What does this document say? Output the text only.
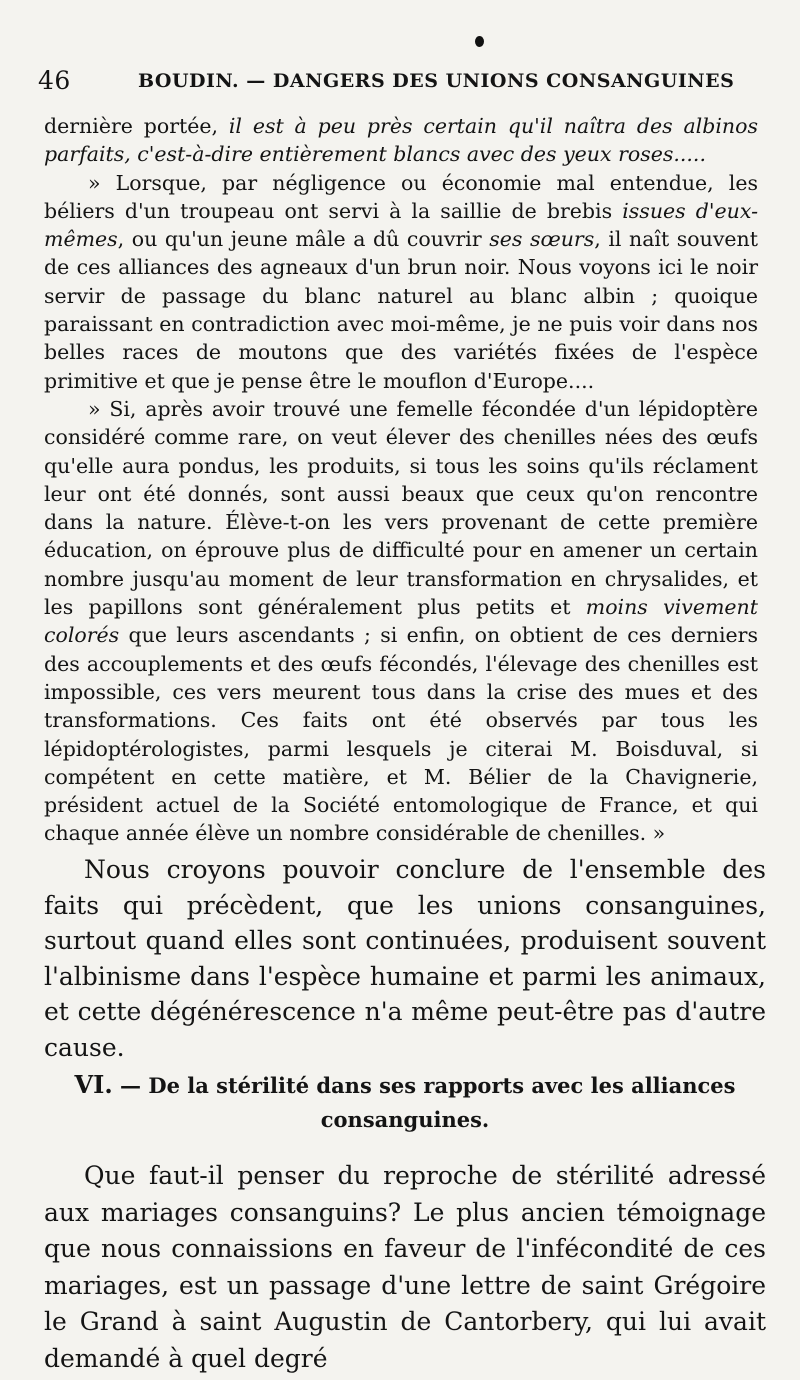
46	BOUDIN. — DANGERS DES UNIONS CONSANGUINES

dernière portée, il est à peu près certain qu'il naîtra des albinos parfaits, c'est-à-dire entièrement blancs avec des yeux roses.....

» Lorsque, par négligence ou économie mal entendue, les béliers d'un troupeau ont servi à la saillie de brebis issues d'eux-mêmes, ou qu'un jeune mâle a dû couvrir ses sœurs, il naît souvent de ces alliances des agneaux d'un brun noir. Nous voyons ici le noir servir de passage du blanc naturel au blanc albin ; quoique paraissant en contradiction avec moi-même, je ne puis voir dans nos belles races de moutons que des variétés fixées de l'espèce primitive et que je pense être le mouflon d'Europe....

» Si, après avoir trouvé une femelle fécondée d'un lépidoptère considéré comme rare, on veut élever des chenilles nées des œufs qu'elle aura pondus, les produits, si tous les soins qu'ils réclament leur ont été donnés, sont aussi beaux que ceux qu'on rencontre dans la nature. Élève-t-on les vers provenant de cette première éducation, on éprouve plus de difficulté pour en amener un certain nombre jusqu'au moment de leur transformation en chrysalides, et les papillons sont généralement plus petits et moins vivement colorés que leurs ascendants ; si enfin, on obtient de ces derniers des accouplements et des œufs fécondés, l'élevage des chenilles est impossible, ces vers meurent tous dans la crise des mues et des transformations. Ces faits ont été observés par tous les lépidoptérologistes, parmi lesquels je citerai M. Boisduval, si compétent en cette matière, et M. Bélier de la Chavignerie, président actuel de la Société entomologique de France, et qui chaque année élève un nombre considérable de chenilles. »

Nous croyons pouvoir conclure de l'ensemble des faits qui précèdent, que les unions consanguines, surtout quand elles sont continuées, produisent souvent l'albinisme dans l'espèce humaine et parmi les animaux, et cette dégénérescence n'a même peut-être pas d'autre cause.

VI. — De la stérilité dans ses rapports avec les alliances consanguines.

Que faut-il penser du reproche de stérilité adressé aux mariages consanguins? Le plus ancien témoignage que nous connaissions en faveur de l'infécondité de ces mariages, est un passage d'une lettre de saint Grégoire le Grand à saint Augustin de Cantorbery, qui lui avait demandé à quel degré
